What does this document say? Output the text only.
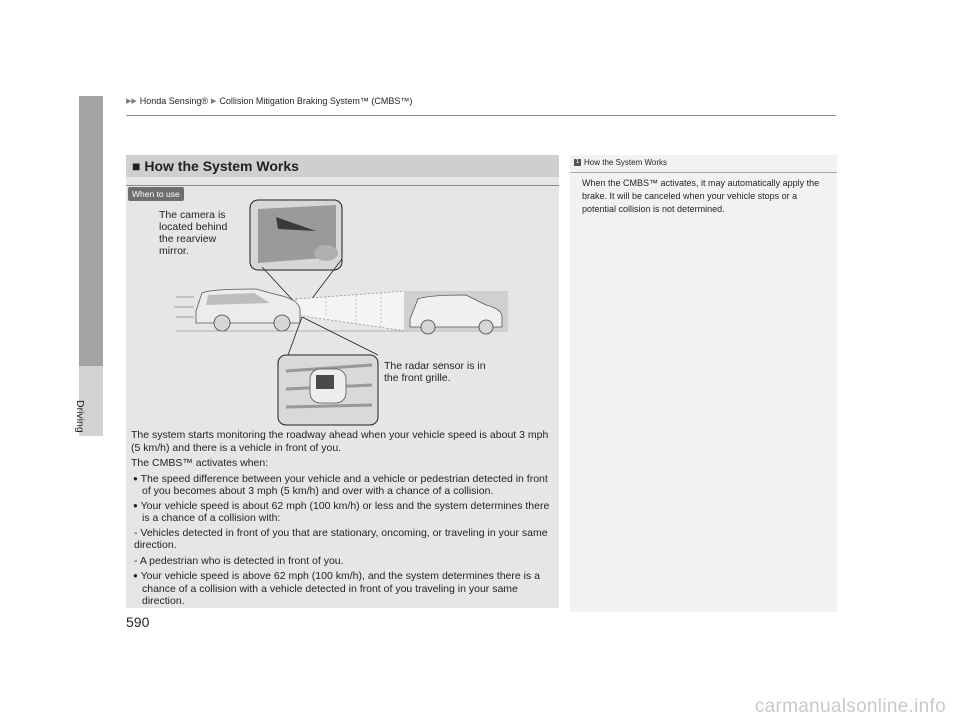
Driving
▶▶ Honda Sensing® ▶ Collision Mitigation Braking System™ (CMBS™)
■ How the System Works
When to use
The camera is located behind the rearview mirror.
The radar sensor is in the front grille.

The system starts monitoring the roadway ahead when your vehicle speed is about 3 mph (5 km/h) and there is a vehicle in front of you.

The CMBS™ activates when:

● The speed difference between your vehicle and a vehicle or pedestrian detected in front of you becomes about 3 mph (5 km/h) and over with a chance of a collision.

● Your vehicle speed is about 62 mph (100 km/h) or less and the system determines there is a chance of a collision with:

- Vehicles detected in front of you that are stationary, oncoming, or traveling in your same direction.

- A pedestrian who is detected in front of you.

● Your vehicle speed is above 62 mph (100 km/h), and the system determines there is a chance of a collision with a vehicle detected in front of you traveling in your same direction.

1 How the System Works
When the CMBS™ activates, it may automatically apply the brake. It will be canceled when your vehicle stops or a potential collision is not determined.
590
carmanualsonline.info
